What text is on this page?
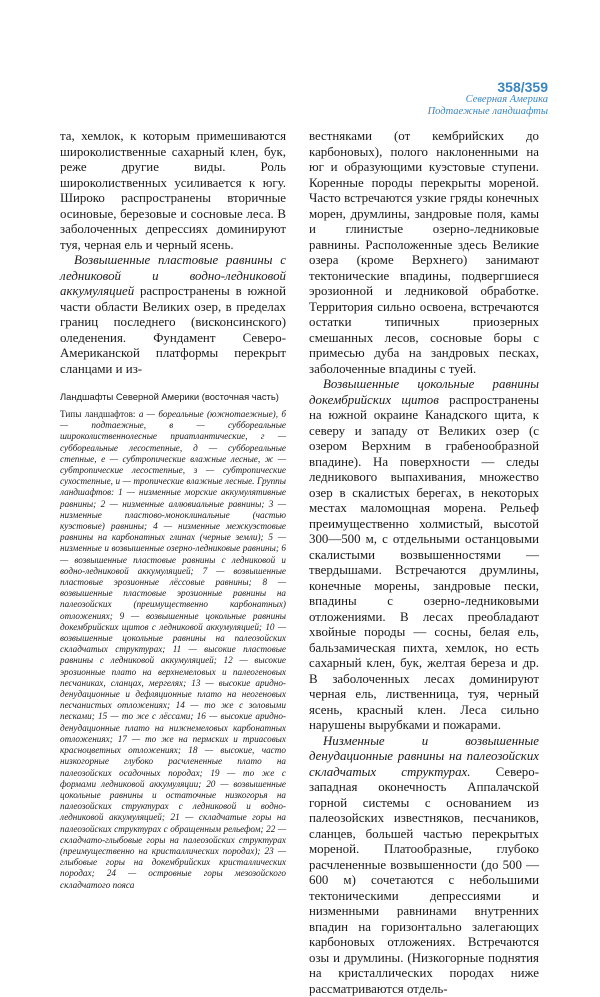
358/359
Северная Америка
Подтаежные ландшафты

та, хемлок, к которым примешиваются широколиственные сахарный клен, бук, реже другие виды. Роль широколиственных усиливается к югу. Широко распространены вторичные осиновые, березовые и сосновые леса. В заболоченных депрессиях доминируют туя, черная ель и черный ясень.

Возвышенные пластовые равнины с ледниковой и водно-ледниковой аккумуляцией распространены в южной части области Великих озер, в пределах границ последнего (висконсинского) оледенения. Фундамент Северо-Американской платформы перекрыт сланцами и из-

Ландшафты Северной Америки (восточная часть)

Типы ландшафтов: а — бореальные (южнотаежные), б — подтаежные, в — суббореальные широколиственнолесные приатлантические, г — суббореальные лесостепные, д — суббореальные степные, е — субтропические влажные лесные, ж — субтропические лесостепные, з — субтропические сухостепные, и — тропические влажные лесные. Группы ландшафтов: 1 — низменные морские аккумулятивные равнины; 2 — низменные аллювиальные равнины; 3 — низменные пластово-моноклинальные (частью куэстовые) равнины; 4 — низменные межкуэстовые равнины на карбонатных глинах (черные земли); 5 — низменные и возвышенные озерно-ледниковые равнины; 6 — возвышенные пластовые равнины с ледниковой и водно-ледниковой аккумуляцией; 7 — возвышенные пластовые эрозионные лёссовые равнины; 8 — возвышенные пластовые эрозионные равнины на палеозойских (преимущественно карбонатных) отложениях; 9 — возвышенные цокольные равнины докембрийских щитов с ледниковой аккумуляцией; 10 — возвышенные цокольные равнины на палеозойских складчатых структурах; 11 — высокие пластовые равнины с ледниковой аккумуляцией; 12 — высокие эрозионные плато на верхнемеловых и палеогеновых песчаниках, сланцах, мергелях; 13 — высокие аридно-денудационные и дефляционные плато на неогеновых песчанистых отложениях; 14 — то же с золовыми песками; 15 — то же с лёссами; 16 — высокие аридно-денудационные плато на нижнемеловых карбонатных отложениях; 17 — то же на пермских и триасовых красноцветных отложениях; 18 — высокие, часто низкогорные глубоко расчлененные плато на палеозойских осадочных породах; 19 — то же с формами ледниковой аккумуляции; 20 — возвышенные цокольные равнины и остаточные низкогорья на палеозойских структурах с ледниковой и водно-ледниковой аккумуляцией; 21 — складчатые горы на палеозойских структурах с обращенным рельефом; 22 — складчато-глыбовые горы на палеозойских структурах (преимущественно на кристаллических породах); 23 — глыбовые горы на докембрийских кристаллических породах; 24 — островные горы мезозойского складчатого пояса

вестняками (от кембрийских до карбоновых), полого наклоненными на юг и образующими куэстовые ступени. Коренные породы перекрыты мореной. Часто встречаются узкие гряды конечных морен, друмлины, зандровые поля, камы и глинистые озерно-ледниковые равнины. Расположенные здесь Великие озера (кроме Верхнего) занимают тектонические впадины, подвергшиеся эрозионной и ледниковой обработке. Территория сильно освоена, встречаются остатки типичных приозерных смешанных лесов, сосновые боры с примесью дуба на зандровых песках, заболоченные впадины с туей.

Возвышенные цокольные равнины докембрийских щитов распространены на южной окраине Канадского щита, к северу и западу от Великих озер (с озером Верхним в грабенообразной впадине). На поверхности — следы ледникового выпахивания, множество озер в скалистых берегах, в некоторых местах маломощная морена. Рельеф преимущественно холмистый, высотой 300—500 м, с отдельными останцовыми скалистыми возвышенностями — твердышами. Встречаются друмлины, конечные морены, зандровые пески, впадины с озерно-ледниковыми отложениями. В лесах преобладают хвойные породы — сосны, белая ель, бальзамическая пихта, хемлок, но есть сахарный клен, бук, желтая береза и др. В заболоченных лесах доминируют черная ель, лиственница, туя, черный ясень, красный клен. Леса сильно нарушены вырубками и пожарами.

Низменные и возвышенные денудационные равнины на палеозойских складчатых структурах. Северо-западная оконечность Аппалачской горной системы с основанием из палеозойских известняков, песчаников, сланцев, большей частью перекрытых мореной. Платообразные, глубоко расчлененные возвышенности (до 500 — 600 м) сочетаются с небольшими тектоническими депрессиями и низменными равнинами внутренних впадин на горизонтально залегающих карбоновых отложениях. Встречаются озы и друмлины. (Низкогорные поднятия на кристаллических породах ниже рассматриваются отдель-
